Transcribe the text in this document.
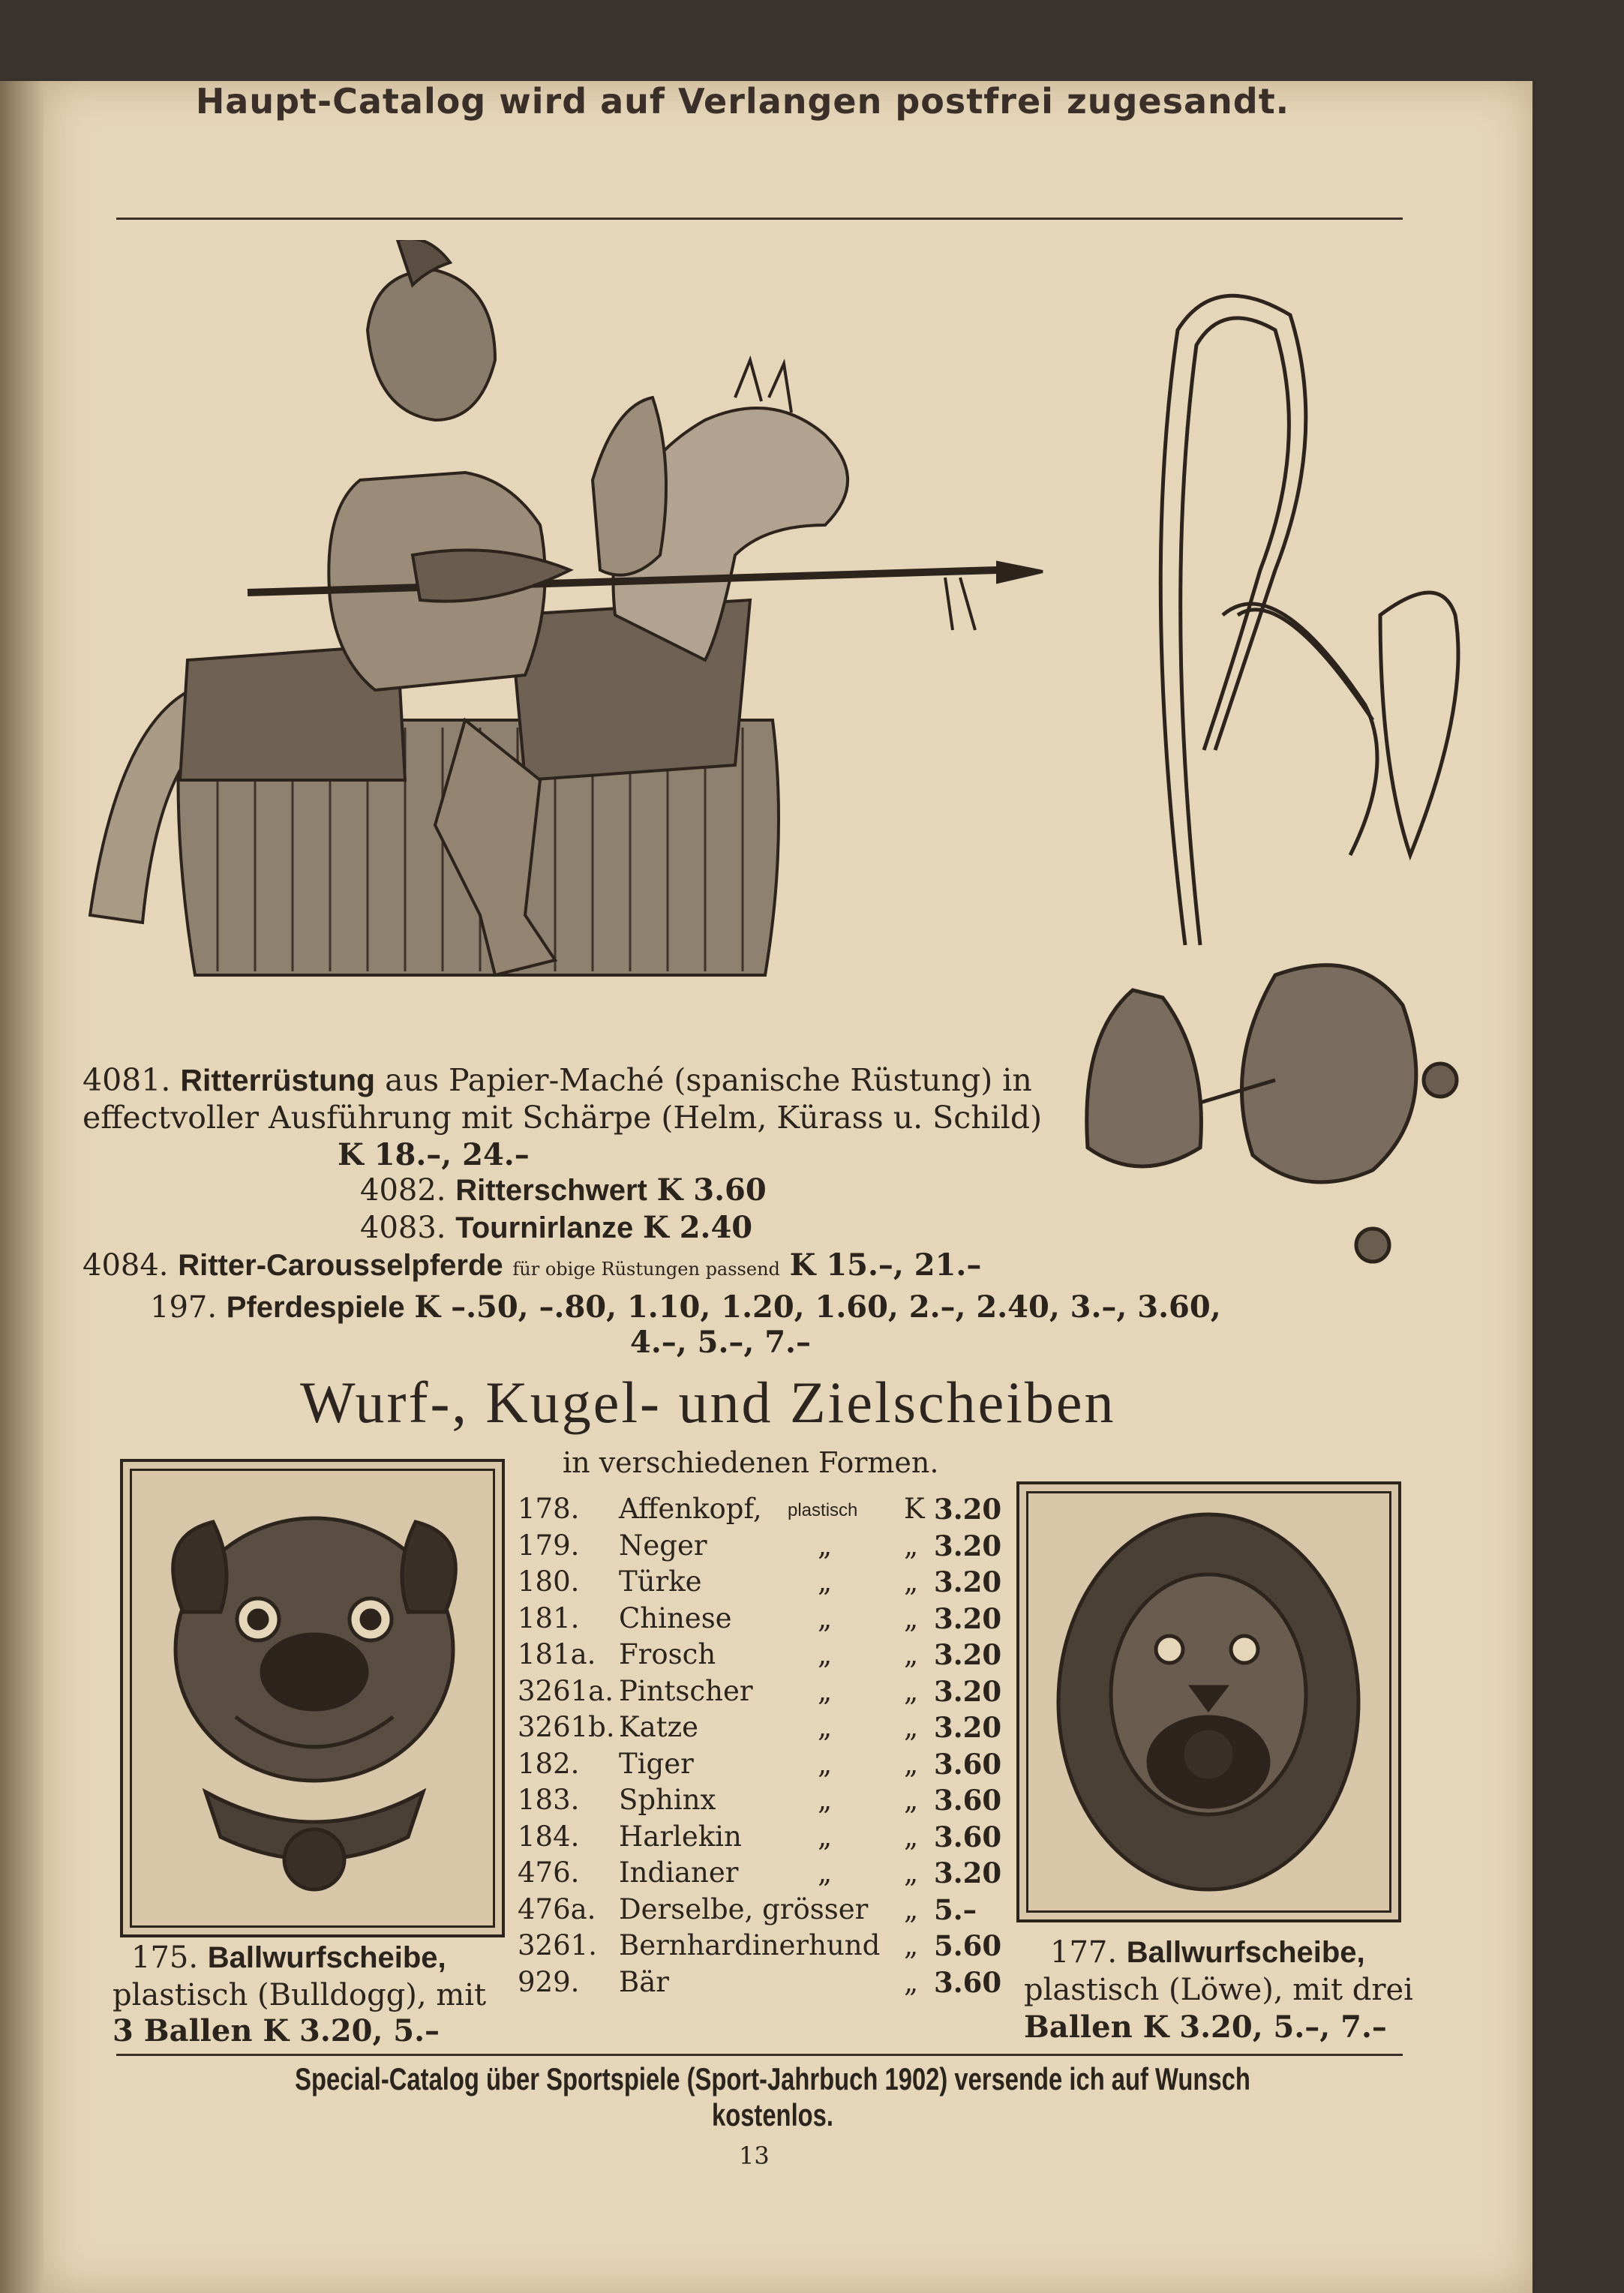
Haupt-Catalog wird auf Verlangen postfrei zugesandt.
4081. Ritterrüstung aus Papier-Maché (spanische Rüstung) in
effectvoller Ausführung mit Schärpe (Helm, Kürass u. Schild)
K 18.–, 24.–
4082. Ritterschwert K 3.60
4083. Tournirlanze K 2.40
4084. Ritter-Carousselpferde für obige Rüstungen passend K 15.–, 21.–
197. Pferdespiele K –.50, –.80, 1.10, 1.20, 1.60, 2.–, 2.40, 3.–, 3.60,
4.–, 5.–, 7.–
Wurf-, Kugel- und Zielscheiben
in verschiedenen Formen.
175. Ballwurfscheibe,
plastisch (Bulldogg), mit
3 Ballen K 3.20, 5.–
177. Ballwurfscheibe,
plastisch (Löwe), mit drei
Ballen K 3.20, 5.–, 7.–
178. Affenkopf, plastisch K 3.20
179. Neger	„	„ 3.20
180. Türke	„	„ 3.20
181. Chinese	„	„ 3.20
181a. Frosch	„	„ 3.20
3261a. Pintscher „	„ 3.20
3261b. Katze	„	„ 3.20
182. Tiger	„	„ 3.60
183. Sphinx	„	„ 3.60
184. Harlekin	„	„ 3.60
476. Indianer	„	„ 3.20
476a. Derselbe, grösser „ 5.–
3261. Bernhardinerhund „ 5.60
929. Bär	„ 3.60
Special-Catalog über Sportspiele (Sport-Jahrbuch 1902) versende ich auf Wunsch kostenlos.
13
